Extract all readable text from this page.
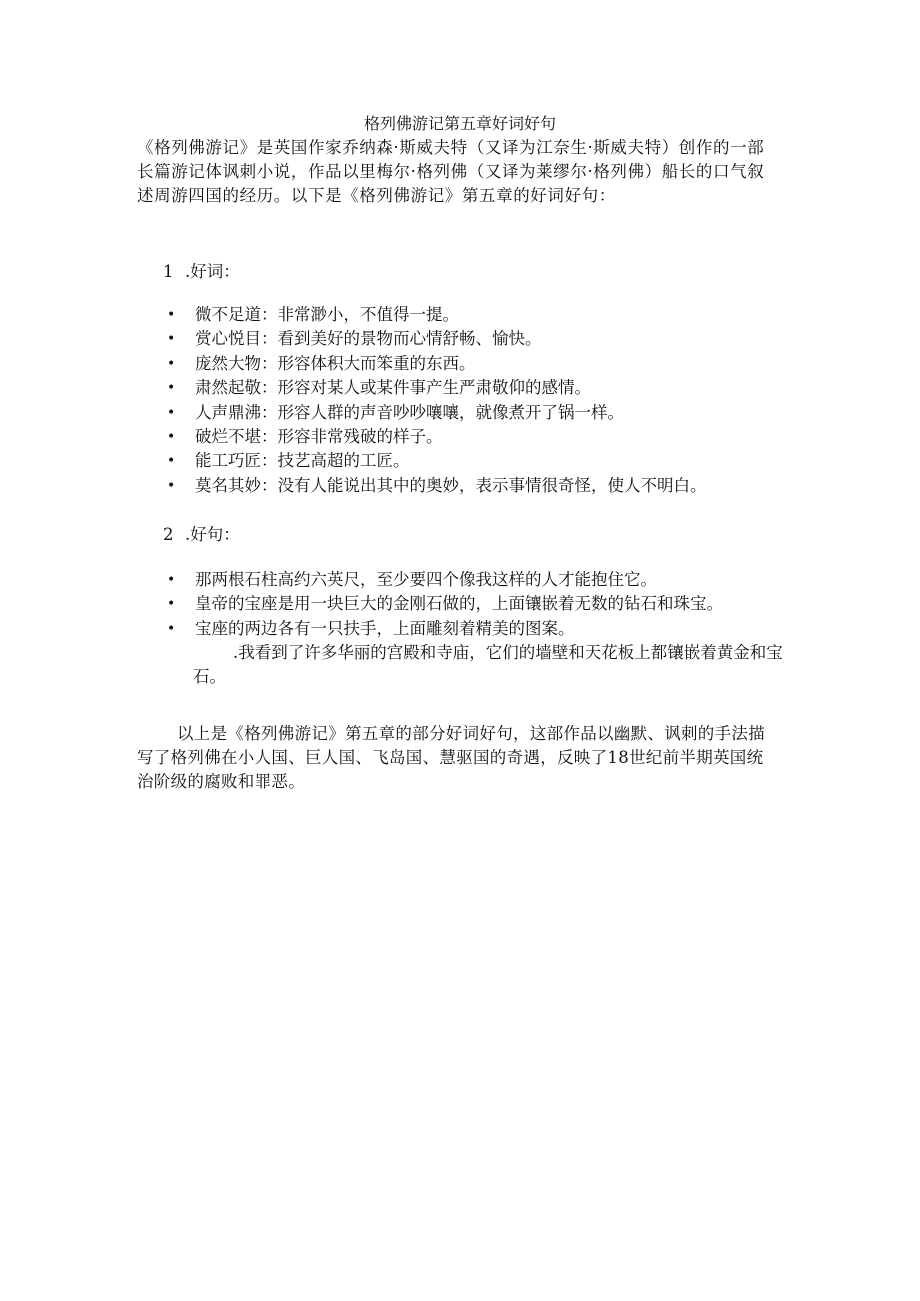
格列佛游记第五章好词好句

《格列佛游记》是英国作家乔纳森·斯威夫特（又译为江奈生·斯威夫特）创作的一部长篇游记体讽刺小说，作品以里梅尔·格列佛（又译为莱缪尔·格列佛）船长的口气叙述周游四国的经历。以下是《格列佛游记》第五章的好词好句：

1 .好词：
• 微不足道：非常渺小，不值得一提。
• 赏心悦目：看到美好的景物而心情舒畅、愉快。
• 庞然大物：形容体积大而笨重的东西。
• 肃然起敬：形容对某人或某件事产生严肃敬仰的感情。
• 人声鼎沸：形容人群的声音吵吵嚷嚷，就像煮开了锅一样。
• 破烂不堪：形容非常残破的样子。
• 能工巧匠：技艺高超的工匠。
• 莫名其妙：没有人能说出其中的奥妙，表示事情很奇怪，使人不明白。
2 .好句：
• 那两根石柱高约六英尺，至少要四个像我这样的人才能抱住它。
• 皇帝的宝座是用一块巨大的金刚石做的，上面镶嵌着无数的钻石和珠宝。
• 宝座的两边各有一只扶手，上面雕刻着精美的图案。

.我看到了许多华丽的宫殿和寺庙，它们的墙壁和天花板上都镶嵌着黄金和宝石。

以上是《格列佛游记》第五章的部分好词好句，这部作品以幽默、讽刺的手法描写了格列佛在小人国、巨人国、飞岛国、慧驱国的奇遇，反映了18世纪前半期英国统治阶级的腐败和罪恶。
